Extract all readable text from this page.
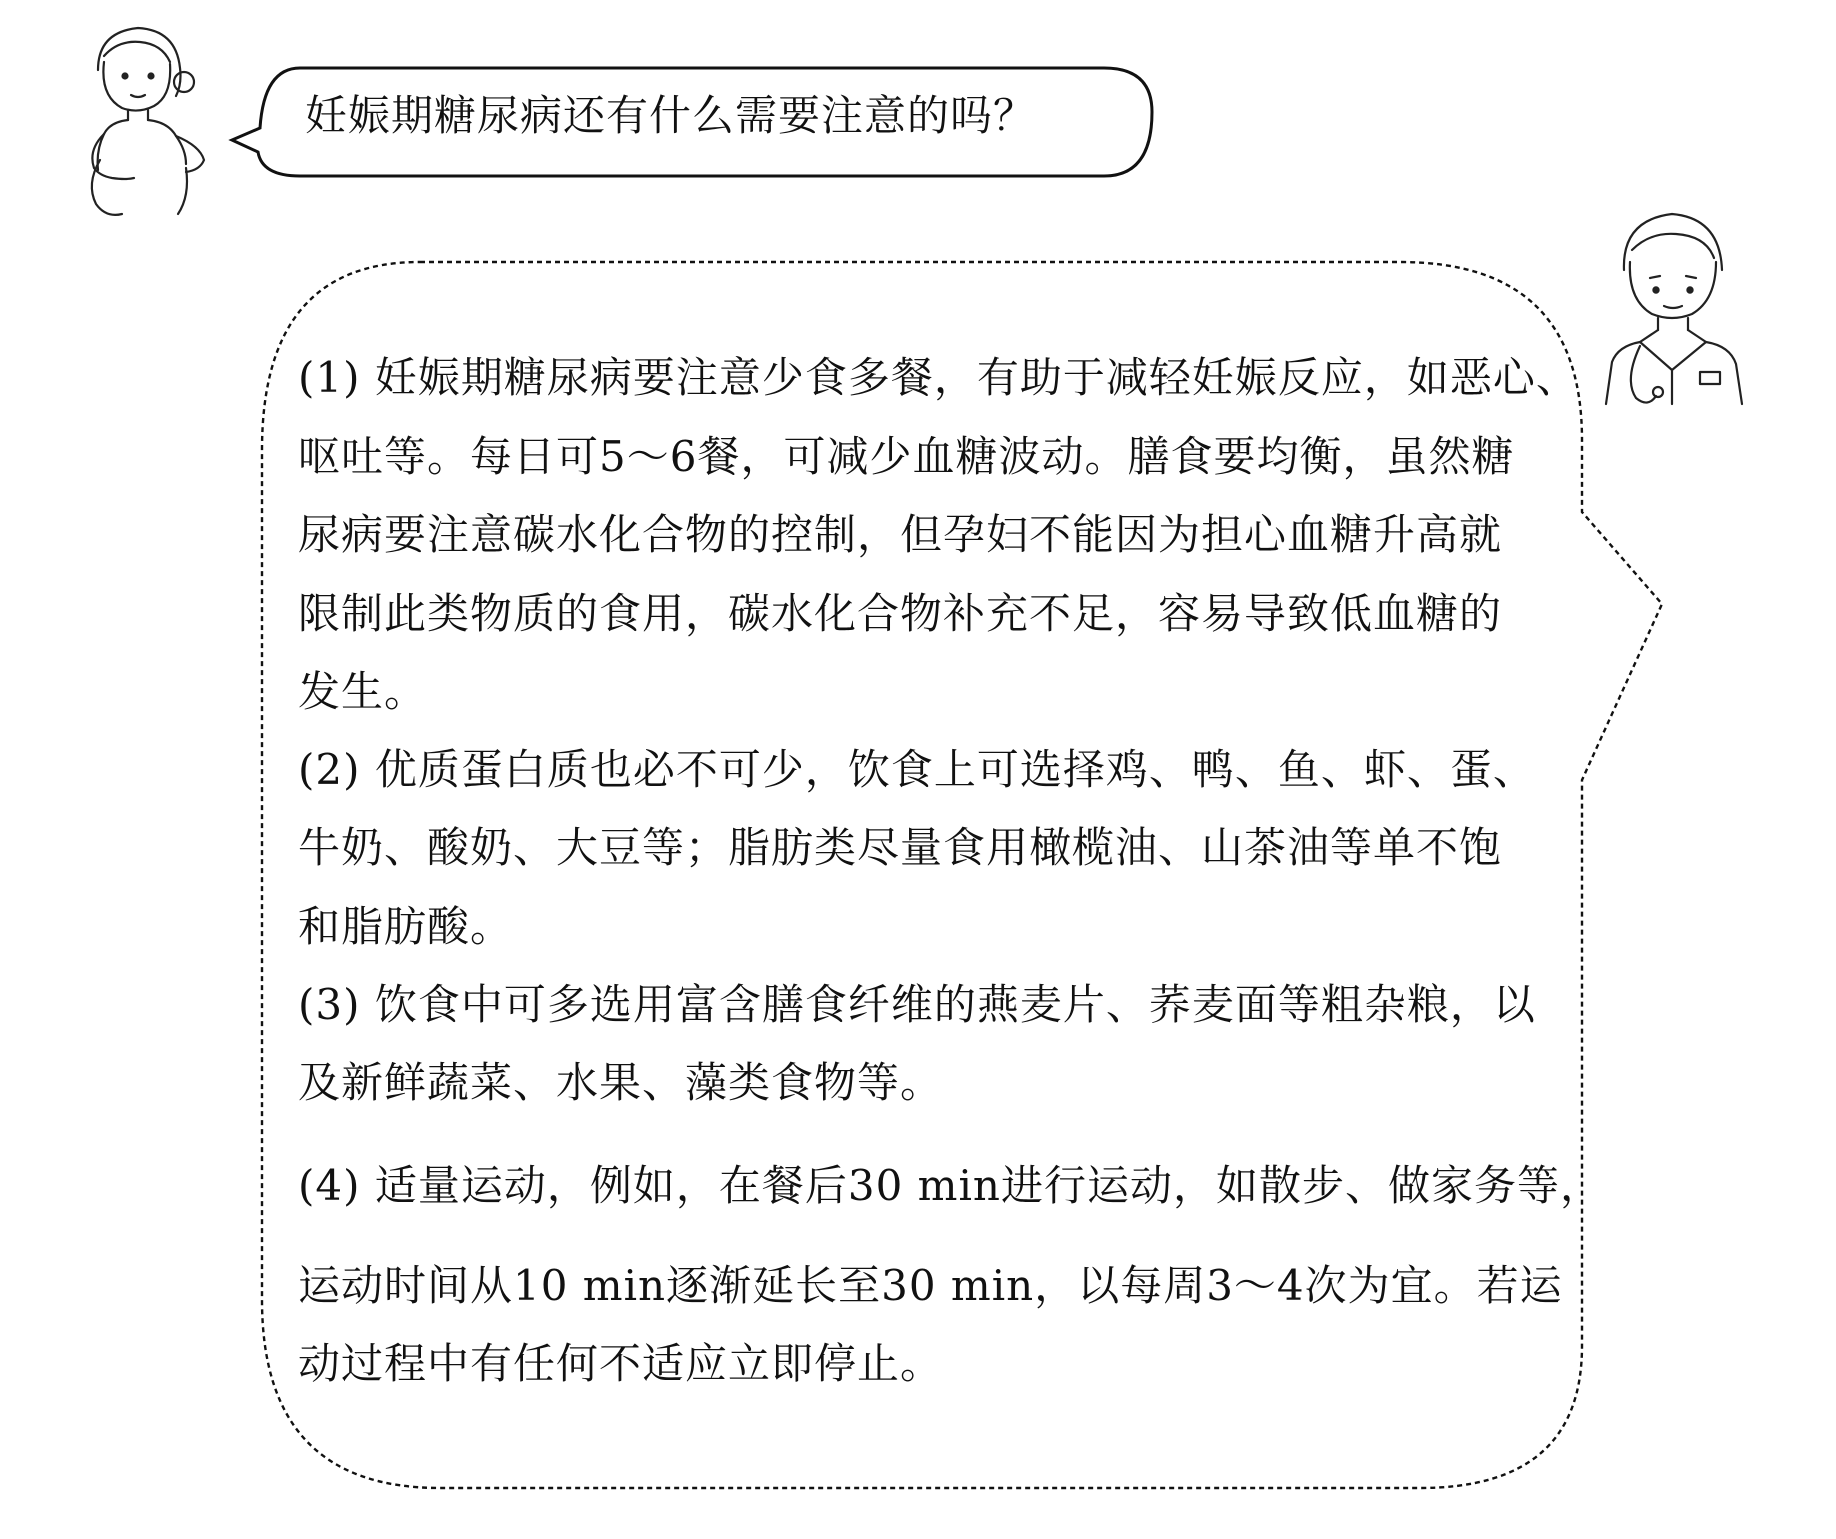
妊娠期糖尿病还有什么需要注意的吗？
(1) 妊娠期糖尿病要注意少食多餐，有助于减轻妊娠反应，如恶心、
呕吐等。每日可5～6餐，可减少血糖波动。膳食要均衡，虽然糖
尿病要注意碳水化合物的控制，但孕妇不能因为担心血糖升高就
限制此类物质的食用，碳水化合物补充不足，容易导致低血糖的
发生。
(2) 优质蛋白质也必不可少，饮食上可选择鸡、鸭、鱼、虾、蛋、
牛奶、酸奶、大豆等；脂肪类尽量食用橄榄油、山茶油等单不饱
和脂肪酸。
(3) 饮食中可多选用富含膳食纤维的燕麦片、荞麦面等粗杂粮，以
及新鲜蔬菜、水果、藻类食物等。
(4) 适量运动，例如，在餐后30 min进行运动，如散步、做家务等，
运动时间从10 min逐渐延长至30 min，以每周3～4次为宜。若运
动过程中有任何不适应立即停止。
